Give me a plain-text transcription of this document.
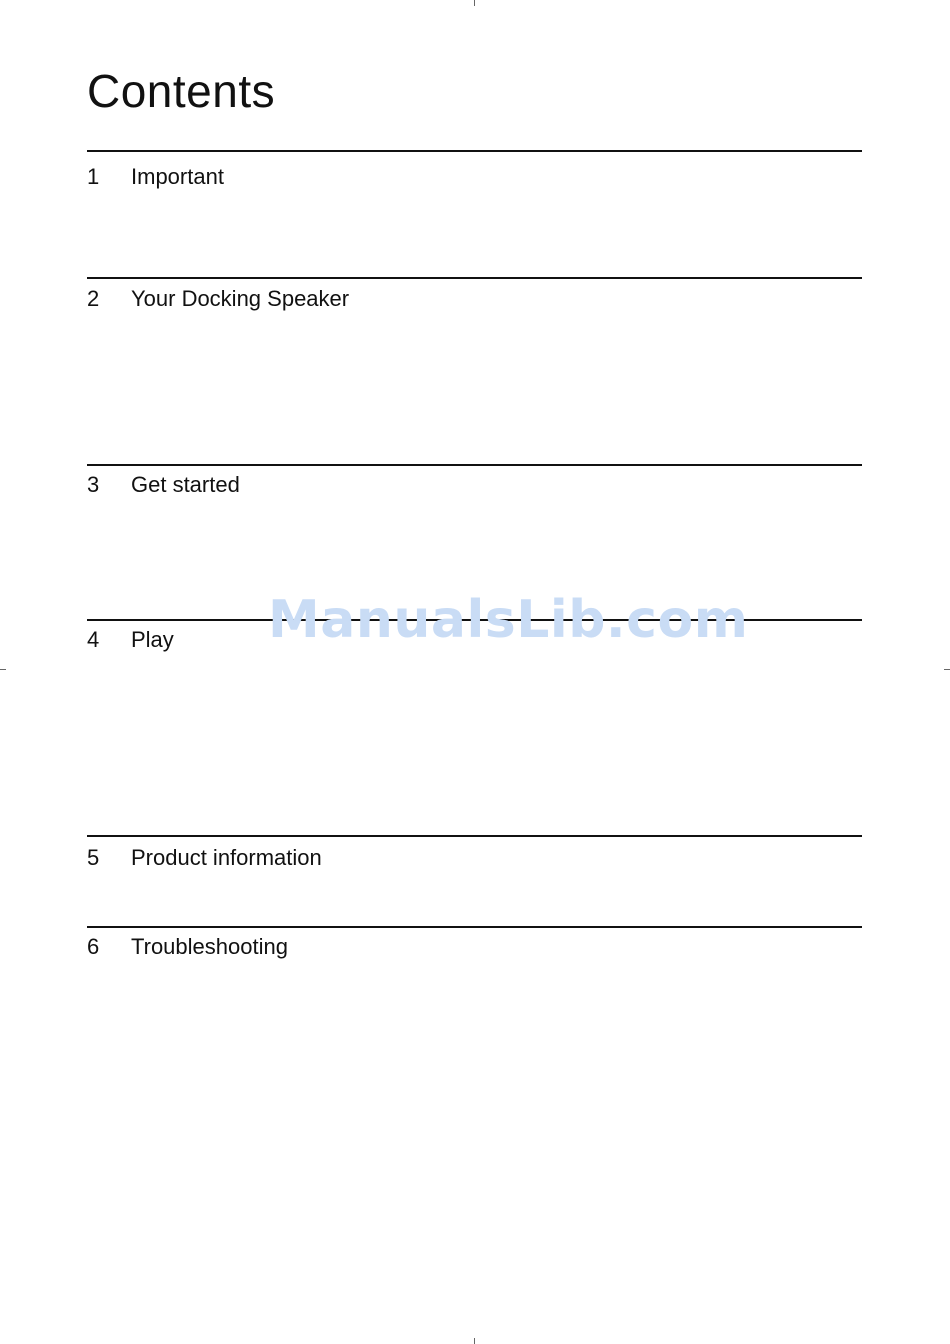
Contents
1 Important
2 Your Docking Speaker
3 Get started
4 Play
5 Product information
6 Troubleshooting
ManualsLib.com
